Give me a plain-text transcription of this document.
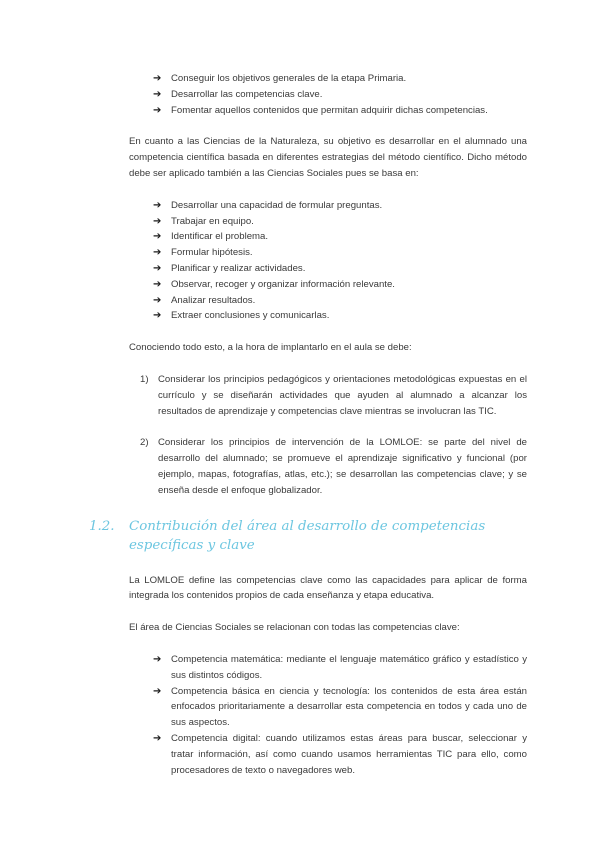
➔ Conseguir los objetivos generales de la etapa Primaria.
➔ Desarrollar las competencias clave.
➔ Fomentar aquellos contenidos que permitan adquirir dichas competencias.

En cuanto a las Ciencias de la Naturaleza, su objetivo es desarrollar en el alumnado una competencia científica basada en diferentes estrategias del método científico. Dicho método debe ser aplicado también a las Ciencias Sociales pues se basa en:

➔ Desarrollar una capacidad de formular preguntas.
➔ Trabajar en equipo.
➔ Identificar el problema.
➔ Formular hipótesis.
➔ Planificar y realizar actividades.
➔ Observar, recoger y organizar información relevante.
➔ Analizar resultados.
➔ Extraer conclusiones y comunicarlas.

Conociendo todo esto, a la hora de implantarlo en el aula se debe:

1) Considerar los principios pedagógicos y orientaciones metodológicas expuestas en el currículo y se diseñarán actividades que ayuden al alumnado a alcanzar los resultados de aprendizaje y competencias clave mientras se involucran las TIC.
2) Considerar los principios de intervención de la LOMLOE: se parte del nivel de desarrollo del alumnado; se promueve el aprendizaje significativo y funcional (por ejemplo, mapas, fotografías, atlas, etc.); se desarrollan las competencias clave; y se enseña desde el enfoque globalizador.
1.2.	Contribución del área al desarrollo de competencias específicas y clave

La LOMLOE define las competencias clave como las capacidades para aplicar de forma integrada los contenidos propios de cada enseñanza y etapa educativa.

El área de Ciencias Sociales se relacionan con todas las competencias clave:

➔ Competencia matemática: mediante el lenguaje matemático gráfico y estadístico y sus distintos códigos.
➔ Competencia básica en ciencia y tecnología: los contenidos de esta área están enfocados prioritariamente a desarrollar esta competencia en todos y cada uno de sus aspectos.
➔ Competencia digital: cuando utilizamos estas áreas para buscar, seleccionar y tratar información, así como cuando usamos herramientas TIC para ello, como procesadores de texto o navegadores web.
